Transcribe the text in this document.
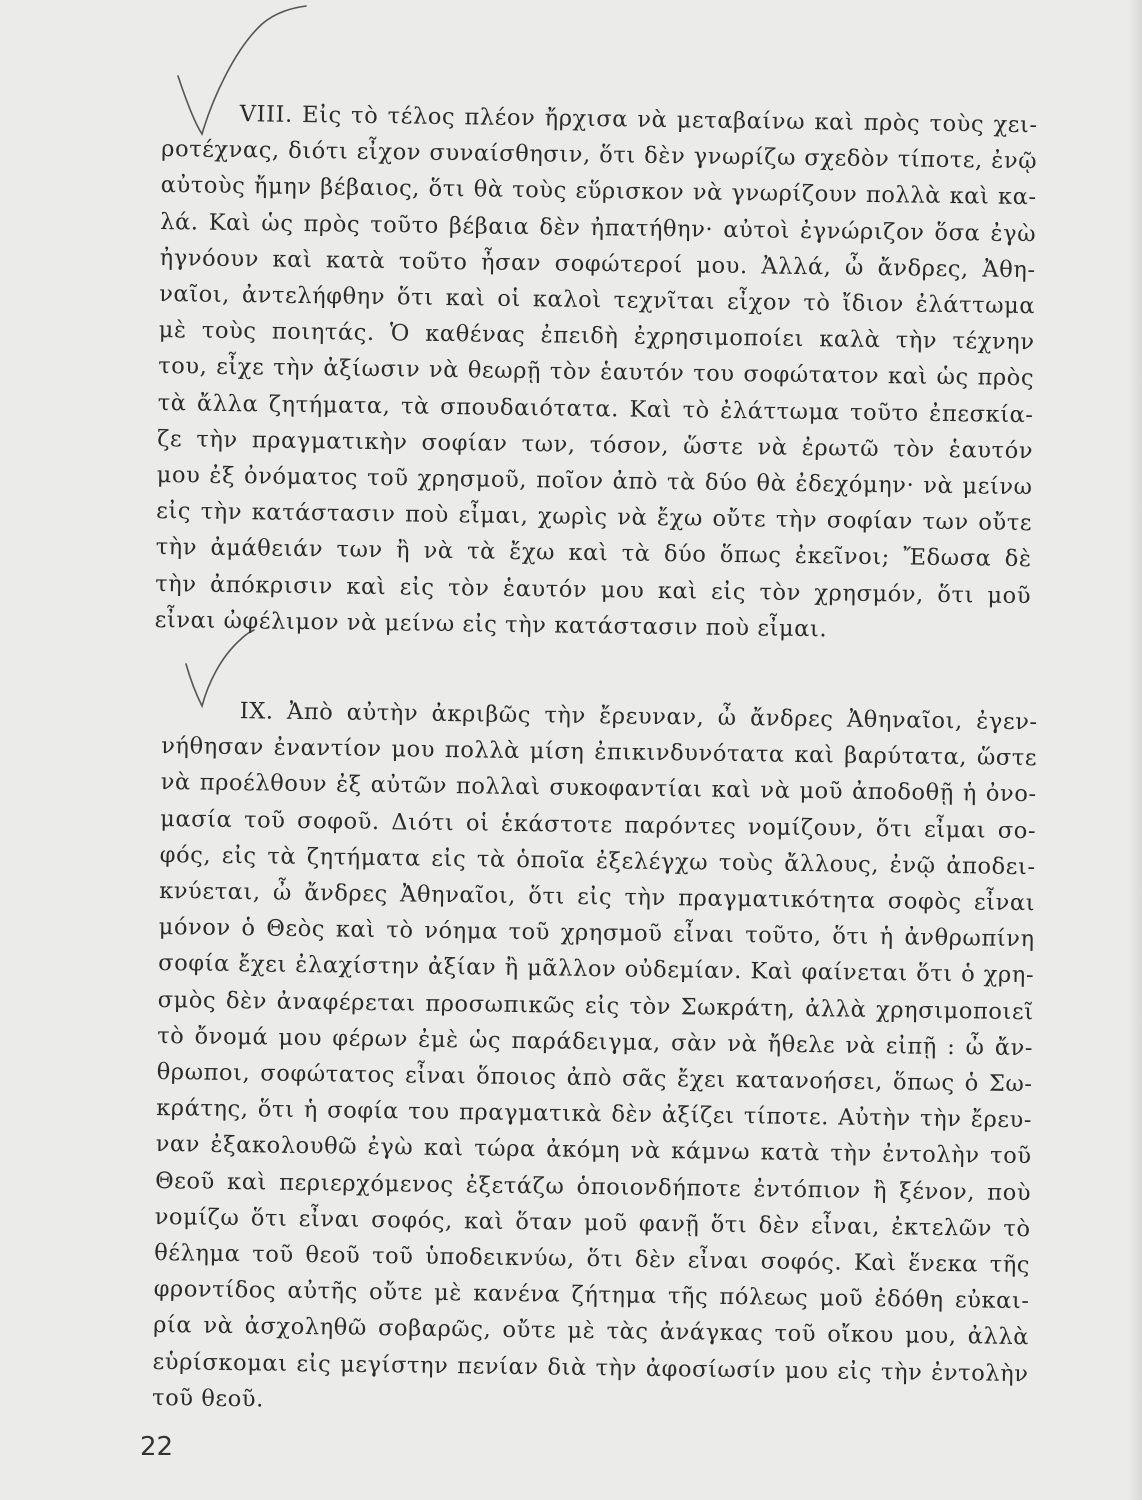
VIII. Εἰς τὸ τέλος πλέον ἤρχισα νὰ μεταβαίνω καὶ πρὸς τοὺς χει-
ροτέχνας, διότι εἶχον συναίσθησιν, ὅτι δὲν γνωρίζω σχεδὸν τίποτε, ἐνῷ
αὐτοὺς ἤμην βέβαιος, ὅτι θὰ τοὺς εὕρισκον νὰ γνωρίζουν πολλὰ καὶ κα-
λά. Καὶ ὡς πρὸς τοῦτο βέβαια δὲν ἠπατήθην· αὐτοὶ ἐγνώριζον ὅσα ἐγὼ
ἠγνόουν καὶ κατὰ τοῦτο ἦσαν σοφώτεροί μου. Ἀλλά, ὦ ἄνδρες, Ἀθη-
ναῖοι, ἀντελήφθην ὅτι καὶ οἱ καλοὶ τεχνῖται εἶχον τὸ ἴδιον ἐλάττωμα
μὲ τοὺς ποιητάς. Ὁ καθένας ἐπειδὴ ἐχρησιμοποίει καλὰ τὴν τέχνην
του, εἶχε τὴν ἀξίωσιν νὰ θεωρῇ τὸν ἑαυτόν του σοφώτατον καὶ ὡς πρὸς
τὰ ἄλλα ζητήματα, τὰ σπουδαιότατα. Καὶ τὸ ἐλάττωμα τοῦτο ἐπεσκία-
ζε τὴν πραγματικὴν σοφίαν των, τόσον, ὥστε νὰ ἐρωτῶ τὸν ἑαυτόν
μου ἐξ ὀνόματος τοῦ χρησμοῦ, ποῖον ἀπὸ τὰ δύο θὰ ἐδεχόμην· νὰ μείνω
εἰς τὴν κατάστασιν ποὺ εἶμαι, χωρὶς νὰ ἔχω οὔτε τὴν σοφίαν των οὔτε
τὴν ἀμάθειάν των ἢ νὰ τὰ ἔχω καὶ τὰ δύο ὅπως ἐκεῖνοι; Ἔδωσα δὲ
τὴν ἀπόκρισιν καὶ εἰς τὸν ἑαυτόν μου καὶ εἰς τὸν χρησμόν, ὅτι μοῦ
εἶναι ὠφέλιμον νὰ μείνω εἰς τὴν κατάστασιν ποὺ εἶμαι.
IX. Ἀπὸ αὐτὴν ἀκριβῶς τὴν ἔρευναν, ὦ ἄνδρες Ἀθηναῖοι, ἐγεν-
νήθησαν ἐναντίον μου πολλὰ μίση ἐπικινδυνότατα καὶ βαρύτατα, ὥστε
νὰ προέλθουν ἐξ αὐτῶν πολλαὶ συκοφαντίαι καὶ νὰ μοῦ ἀποδοθῇ ἡ ὀνο-
μασία τοῦ σοφοῦ. Διότι οἱ ἑκάστοτε παρόντες νομίζουν, ὅτι εἶμαι σο-
φός, εἰς τὰ ζητήματα εἰς τὰ ὁποῖα ἐξελέγχω τοὺς ἄλλους, ἐνῷ ἀποδει-
κνύεται, ὦ ἄνδρες Ἀθηναῖοι, ὅτι εἰς τὴν πραγματικότητα σοφὸς εἶναι
μόνον ὁ Θεὸς καὶ τὸ νόημα τοῦ χρησμοῦ εἶναι τοῦτο, ὅτι ἡ ἀνθρωπίνη
σοφία ἔχει ἐλαχίστην ἀξίαν ἢ μᾶλλον οὐδεμίαν. Καὶ φαίνεται ὅτι ὁ χρη-
σμὸς δὲν ἀναφέρεται προσωπικῶς εἰς τὸν Σωκράτη, ἀλλὰ χρησιμοποιεῖ
τὸ ὄνομά μου φέρων ἐμὲ ὡς παράδειγμα, σὰν νὰ ἤθελε νὰ εἰπῇ : ὦ ἄν-
θρωποι, σοφώτατος εἶναι ὅποιος ἀπὸ σᾶς ἔχει κατανοήσει, ὅπως ὁ Σω-
κράτης, ὅτι ἡ σοφία του πραγματικὰ δὲν ἀξίζει τίποτε. Αὐτὴν τὴν ἔρευ-
ναν ἐξακολουθῶ ἐγὼ καὶ τώρα ἀκόμη νὰ κάμνω κατὰ τὴν ἐντολὴν τοῦ
Θεοῦ καὶ περιερχόμενος ἐξετάζω ὁποιονδήποτε ἐντόπιον ἢ ξένον, ποὺ
νομίζω ὅτι εἶναι σοφός, καὶ ὅταν μοῦ φανῇ ὅτι δὲν εἶναι, ἐκτελῶν τὸ
θέλημα τοῦ θεοῦ τοῦ ὑποδεικνύω, ὅτι δὲν εἶναι σοφός. Καὶ ἕνεκα τῆς
φροντίδος αὐτῆς οὔτε μὲ κανένα ζήτημα τῆς πόλεως μοῦ ἐδόθη εὐκαι-
ρία νὰ ἀσχοληθῶ σοβαρῶς, οὔτε μὲ τὰς ἀνάγκας τοῦ οἴκου μου, ἀλλὰ
εὑρίσκομαι εἰς μεγίστην πενίαν διὰ τὴν ἀφοσίωσίν μου εἰς τὴν ἐντολὴν
τοῦ θεοῦ.
22
